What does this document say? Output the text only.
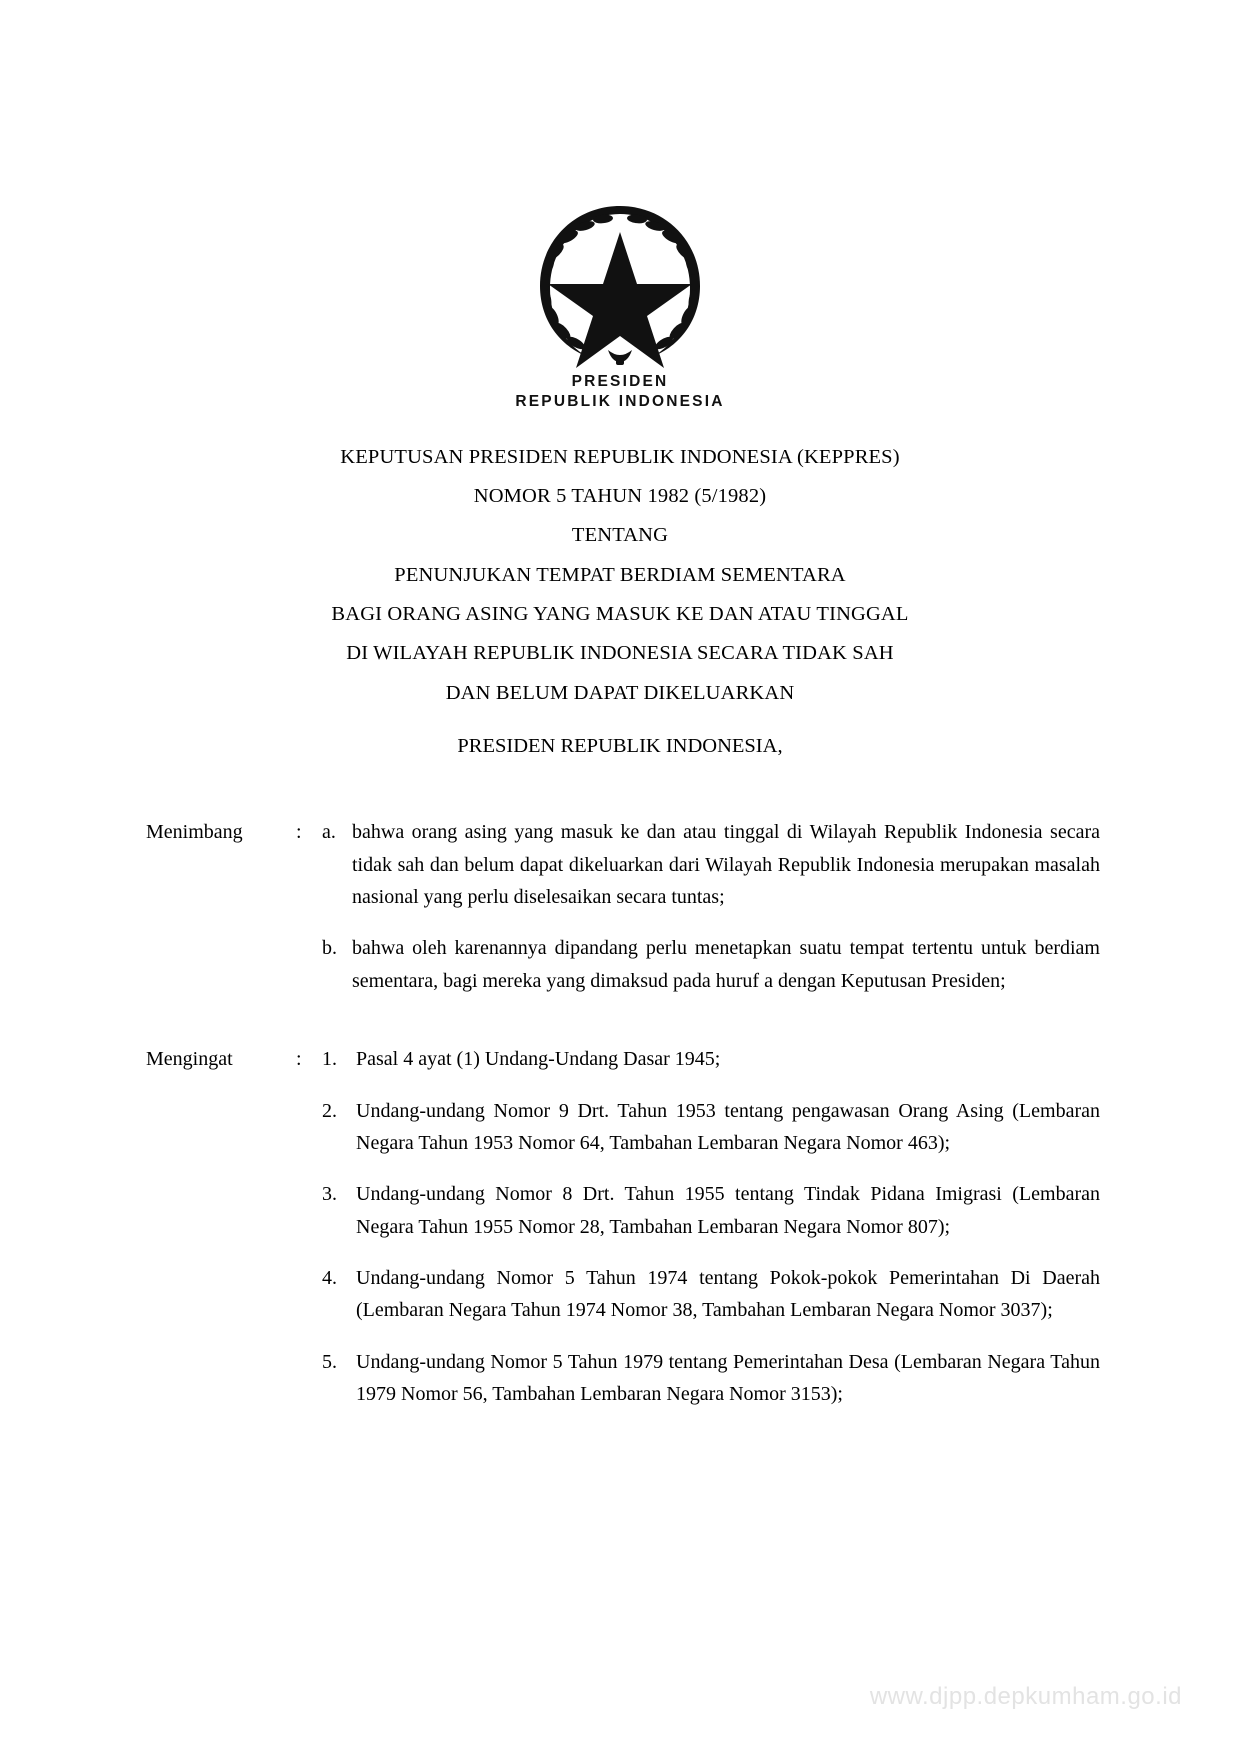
PRESIDEN
REPUBLIK INDONESIA
KEPUTUSAN PRESIDEN REPUBLIK INDONESIA (KEPPRES)
NOMOR 5 TAHUN 1982 (5/1982)
TENTANG
PENUNJUKAN TEMPAT BERDIAM SEMENTARA
BAGI ORANG ASING YANG MASUK KE DAN ATAU TINGGAL
DI WILAYAH REPUBLIK INDONESIA SECARA TIDAK SAH
DAN BELUM DAPAT DIKELUARKAN
PRESIDEN REPUBLIK INDONESIA,
Menimbang	:	a. bahwa orang asing yang masuk ke dan atau tinggal di Wilayah Republik Indonesia secara tidak sah dan belum dapat dikeluarkan dari Wilayah Republik Indonesia merupakan masalah nasional yang perlu diselesaikan secara tuntas;
b. bahwa oleh karenannya dipandang perlu menetapkan suatu tempat tertentu untuk berdiam sementara, bagi mereka yang dimaksud pada huruf a dengan Keputusan Presiden;
Mengingat	:	1. Pasal 4 ayat (1) Undang-Undang Dasar 1945;
2. Undang-undang Nomor 9 Drt. Tahun 1953 tentang pengawasan Orang Asing (Lembaran Negara Tahun 1953 Nomor 64, Tambahan Lembaran Negara Nomor 463);
3. Undang-undang Nomor 8 Drt. Tahun 1955 tentang Tindak Pidana Imigrasi (Lembaran Negara Tahun 1955 Nomor 28, Tambahan Lembaran Negara Nomor 807);
4. Undang-undang Nomor 5 Tahun 1974 tentang Pokok-pokok Pemerintahan Di Daerah (Lembaran Negara Tahun 1974 Nomor 38, Tambahan Lembaran Negara Nomor 3037);
5. Undang-undang Nomor 5 Tahun 1979 tentang Pemerintahan Desa (Lembaran Negara Tahun 1979 Nomor 56, Tambahan Lembaran Negara Nomor 3153);
www.djpp.depkumham.go.id
